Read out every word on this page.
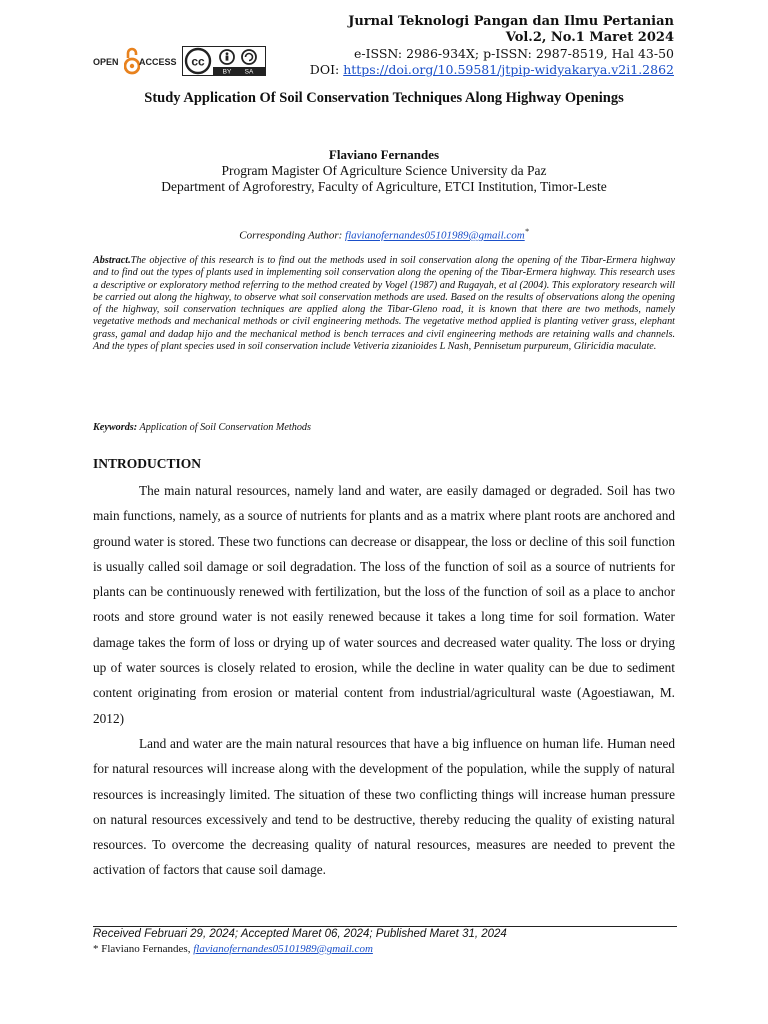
Jurnal Teknologi Pangan dan Ilmu Pertanian
Vol.2, No.1 Maret 2024
e-ISSN: 2986-934X; p-ISSN: 2987-8519, Hal 43-50
DOI: https://doi.org/10.59581/jtpip-widyakarya.v2i1.2862
OPEN ACCESS cc
BY SA
Study Application Of Soil Conservation Techniques Along Highway Openings
Flaviano Fernandes
Program Magister Of Agriculture Science University da Paz
Department of Agroforestry, Faculty of Agriculture, ETCI Institution, Timor-Leste
Corresponding Author: flavianofernandes05101989@gmail.com*
Abstract.The objective of this research is to find out the methods used in soil conservation along the opening of the Tibar-Ermera highway and to find out the types of plants used in implementing soil conservation along the opening of the Tibar-Ermera highway. This research uses a descriptive or exploratory method referring to the method created by Vogel (1987) and Rugayah, et al (2004). This exploratory research will be carried out along the highway, to observe what soil conservation methods are used. Based on the results of observations along the opening of the highway, soil conservation techniques are applied along the Tibar-Gleno road, it is known that there are two methods, namely vegetative methods and mechanical methods or civil engineering methods. The vegetative method applied is planting vetiver grass, elephant grass, gamal and dadap hijo and the mechanical method is bench terraces and civil engineering methods are retaining walls and channels. And the types of plant species used in soil conservation include Vetiveria zizanioides L Nash, Pennisetum purpureum, Gliricidia maculate.
Keywords: Application of Soil Conservation Methods
INTRODUCTION

The main natural resources, namely land and water, are easily damaged or degraded. Soil has two main functions, namely, as a source of nutrients for plants and as a matrix where plant roots are anchored and ground water is stored. These two functions can decrease or disappear, the loss or decline of this soil function is usually called soil damage or soil degradation. The loss of the function of soil as a source of nutrients for plants can be continuously renewed with fertilization, but the loss of the function of soil as a place to anchor roots and store ground water is not easily renewed because it takes a long time for soil formation. Water damage takes the form of loss or drying up of water sources and decreased water quality. The loss or drying up of water sources is closely related to erosion, while the decline in water quality can be due to sediment content originating from erosion or material content from industrial/agricultural waste (Agoestiawan, M. 2012)

Land and water are the main natural resources that have a big influence on human life. Human need for natural resources will increase along with the development of the population, while the supply of natural resources is increasingly limited. The situation of these two conflicting things will increase human pressure on natural resources excessively and tend to be destructive, thereby reducing the quality of existing natural resources. To overcome the decreasing quality of natural resources, measures are needed to prevent the activation of factors that cause soil damage.

Received Februari 29, 2024; Accepted Maret 06, 2024; Published Maret 31, 2024
* Flaviano Fernandes, flavianofernandes05101989@gmail.com
